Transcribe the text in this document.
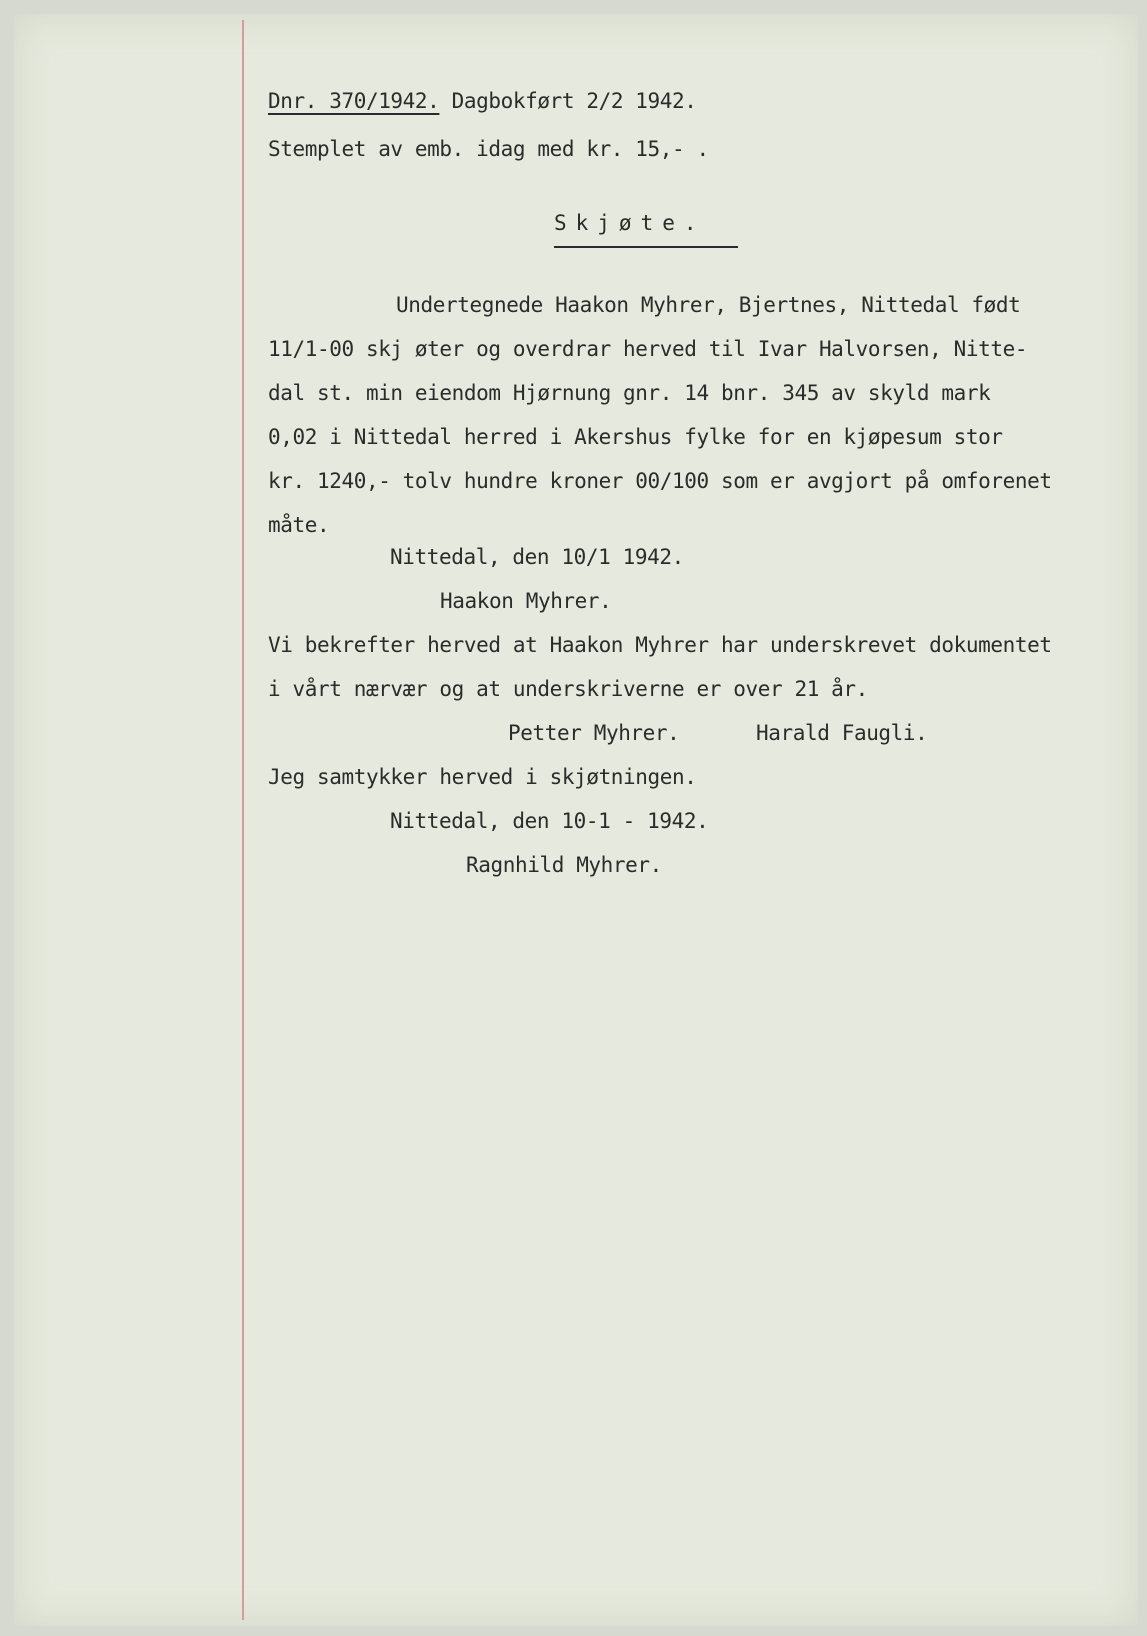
Dnr. 370/1942. Dagbokført 2/2 1942.
Stemplet av emb. idag med kr. 15,- .
Skjøte.
Undertegnede Haakon Myhrer, Bjertnes, Nittedal født
11/1-00 skj øter og overdrar herved til Ivar Halvorsen, Nitte-
dal st. min eiendom Hjørnung gnr. 14 bnr. 345 av skyld mark
0,02 i Nittedal herred i Akershus fylke for en kjøpesum stor
kr. 1240,- tolv hundre kroner 00/100 som er avgjort på omforenet
måte.
Nittedal, den 10/1 1942.
Haakon Myhrer.
Vi bekrefter herved at Haakon Myhrer har underskrevet dokumentet
i vårt nærvær og at underskriverne er over 21 år.
Petter Myhrer.	Harald Faugli.
Jeg samtykker herved i skjøtningen.
Nittedal, den 10-1 - 1942.
Ragnhild Myhrer.
